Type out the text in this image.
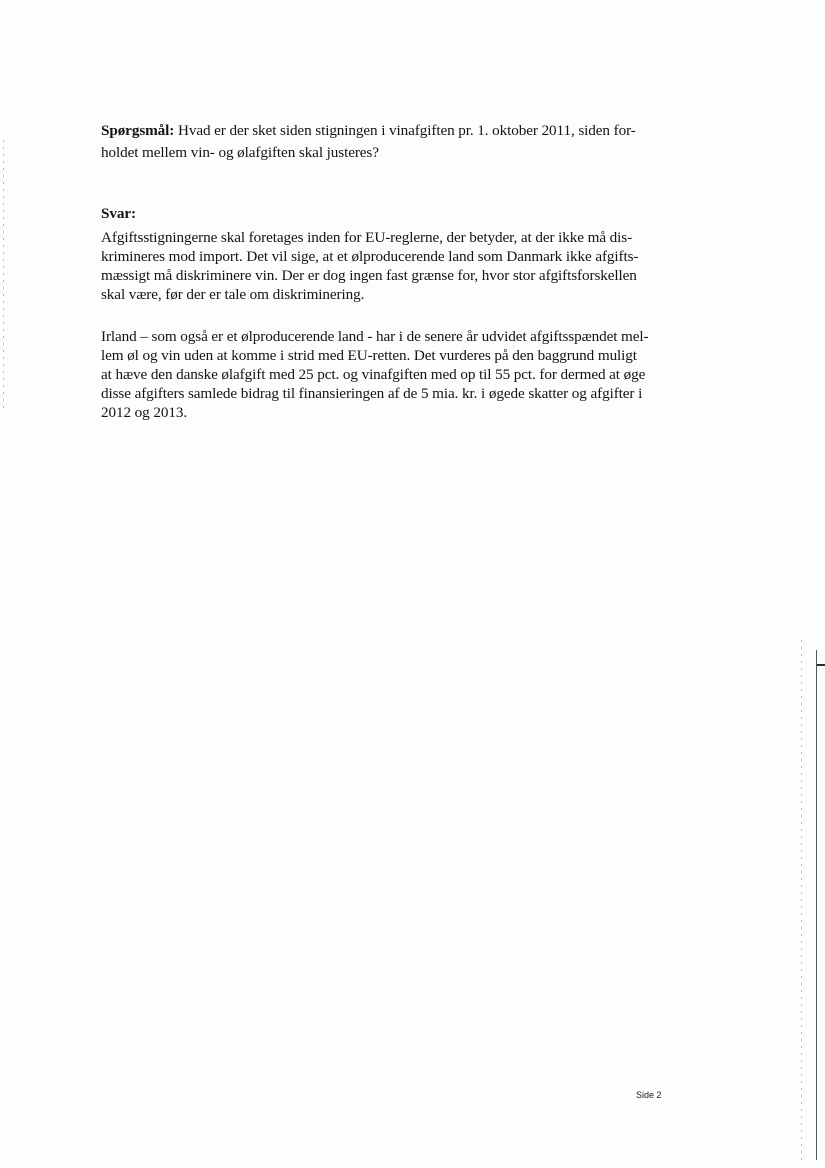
Spørgsmål: Hvad er der sket siden stigningen i vinafgiften pr. 1. oktober 2011, siden for-
holdet mellem vin- og ølafgiften skal justeres?
Svar:
Afgiftsstigningerne skal foretages inden for EU-reglerne, der betyder, at der ikke må dis-
krimineres mod import. Det vil sige, at et ølproducerende land som Danmark ikke afgifts-
mæssigt må diskriminere vin. Der er dog ingen fast grænse for, hvor stor afgiftsforskellen
skal være, før der er tale om diskriminering.
Irland – som også er et ølproducerende land - har i de senere år udvidet afgiftsspændet mel-
lem øl og vin uden at komme i strid med EU-retten. Det vurderes på den baggrund muligt
at hæve den danske ølafgift med 25 pct. og vinafgiften med op til 55 pct. for dermed at øge
disse afgifters samlede bidrag til finansieringen af de 5 mia. kr. i øgede skatter og afgifter i
2012 og 2013.
Side 2
